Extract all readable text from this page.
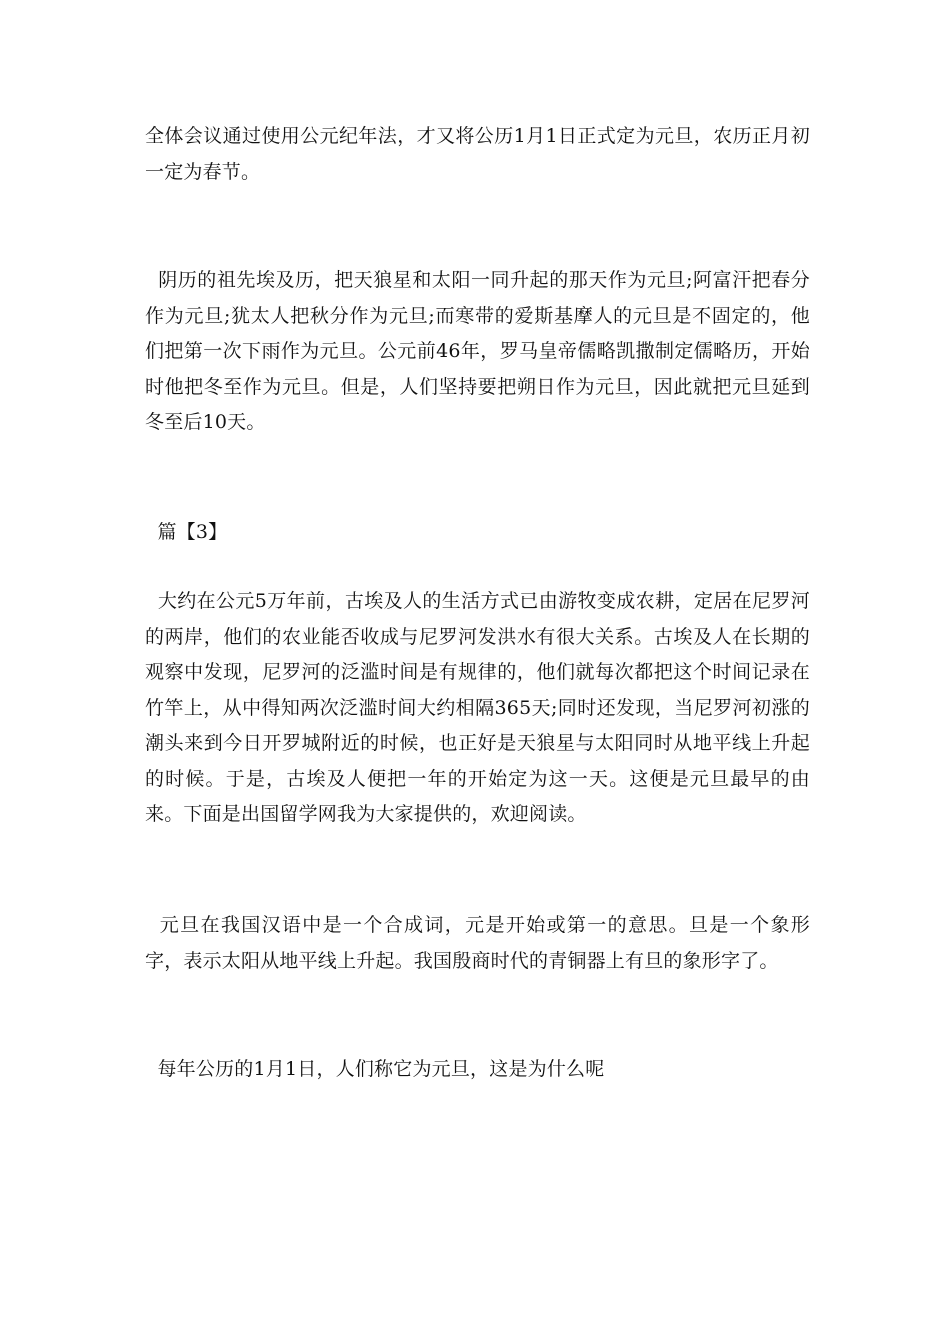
全体会议通过使用公元纪年法，才又将公历1月1日正式定为元旦，农历正月初一定为春节。

阴历的祖先埃及历，把天狼星和太阳一同升起的那天作为元旦;阿富汗把春分作为元旦;犹太人把秋分作为元旦;而寒带的爱斯基摩人的元旦是不固定的，他们把第一次下雨作为元旦。公元前46年，罗马皇帝儒略凯撒制定儒略历，开始时他把冬至作为元旦。但是，人们坚持要把朔日作为元旦，因此就把元旦延到冬至后10天。

篇【3】

大约在公元5万年前，古埃及人的生活方式已由游牧变成农耕，定居在尼罗河的两岸，他们的农业能否收成与尼罗河发洪水有很大关系。古埃及人在长期的观察中发现，尼罗河的泛滥时间是有规律的，他们就每次都把这个时间记录在竹竿上，从中得知两次泛滥时间大约相隔365天;同时还发现，当尼罗河初涨的潮头来到今日开罗城附近的时候，也正好是天狼星与太阳同时从地平线上升起的时候。于是，古埃及人便把一年的开始定为这一天。这便是元旦最早的由来。下面是出国留学网我为大家提供的，欢迎阅读。

元旦在我国汉语中是一个合成词，元是开始或第一的意思。旦是一个象形字，表示太阳从地平线上升起。我国殷商时代的青铜器上有旦的象形字了。

每年公历的1月1日，人们称它为元旦，这是为什么呢
